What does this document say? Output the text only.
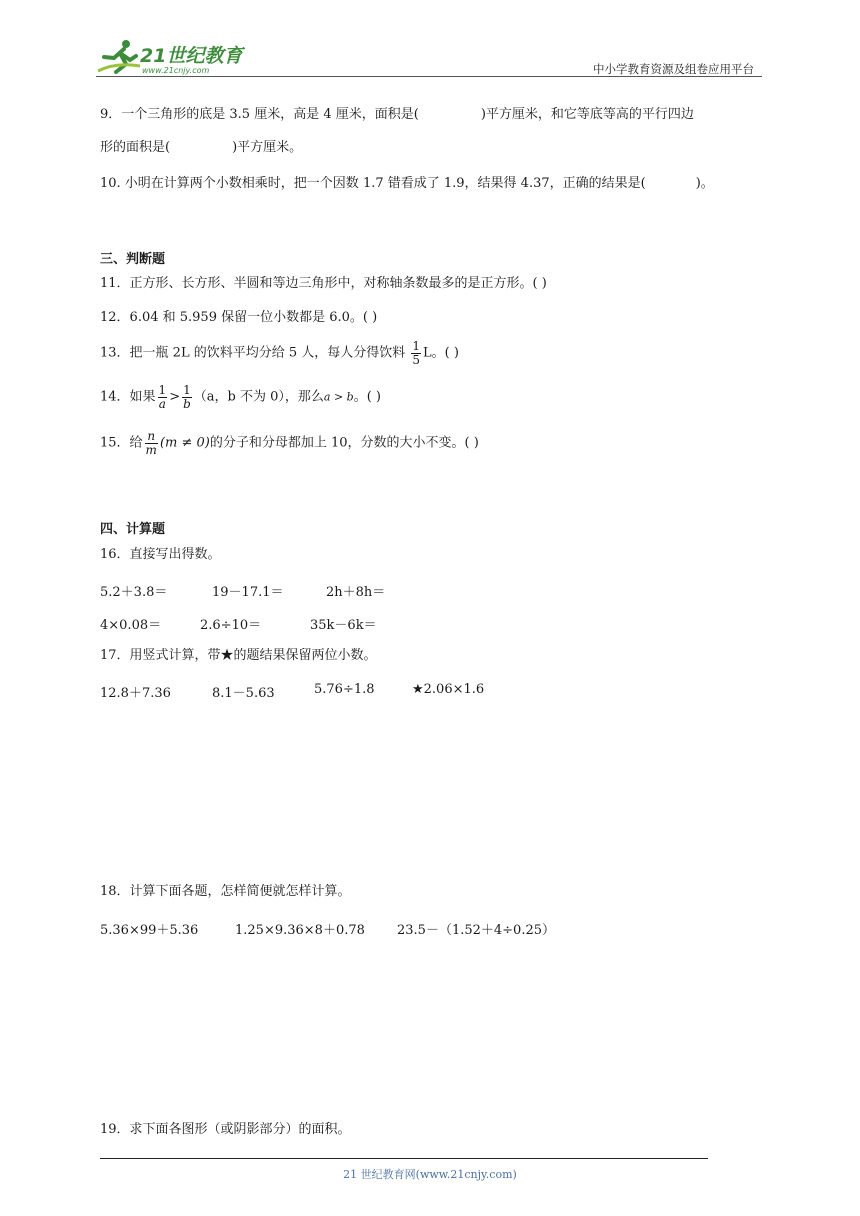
21世纪教育
www.21cnjy.com	中小学教育资源及组卷应用平台
9．一个三角形的底是 3.5 厘米，高是 4 厘米，面积是(	)平方厘米，和它等底等高的平行四边
形的面积是(	)平方厘米。
10. 小明在计算两个小数相乘时，把一个因数 1.7 错看成了 1.9，结果得 4.37，正确的结果是(	)。
三、判断题
11．正方形、长方形、半圆和等边三角形中，对称轴条数最多的是正方形。( )
12．6.04 和 5.959 保留一位小数都是 6.0。( )
13．把一瓶 2L 的饮料平均分给 5 人，每人分得饮料 $\frac{1}{5}$ L。( )
14．如果 $\frac{1}{a} > \frac{1}{b} (a$，b 不为 0），那么a > b。( )
15．给 $\frac{n}{m} (m \ne 0)$的分子和分母都加上 10，分数的大小不变。( )
四、计算题
16．直接写出得数。
5.2＋3.8＝	19－17.1＝	2h＋8h＝
4×0.08＝	2.6÷10＝	35k－6k＝
17．用竖式计算，带★的题结果保留两位小数。
12.8＋7.36	8.1－5.63	5.76÷1.8	★2.06×1.6
18．计算下面各题，怎样简便就怎样计算。
5.36×99＋5.36	1.25×9.36×8＋0.78 23.5－（1.52＋4÷0.25）
19．求下面各图形（或阴影部分）的面积。
21 世纪教育网(www.21cnjy.com)
